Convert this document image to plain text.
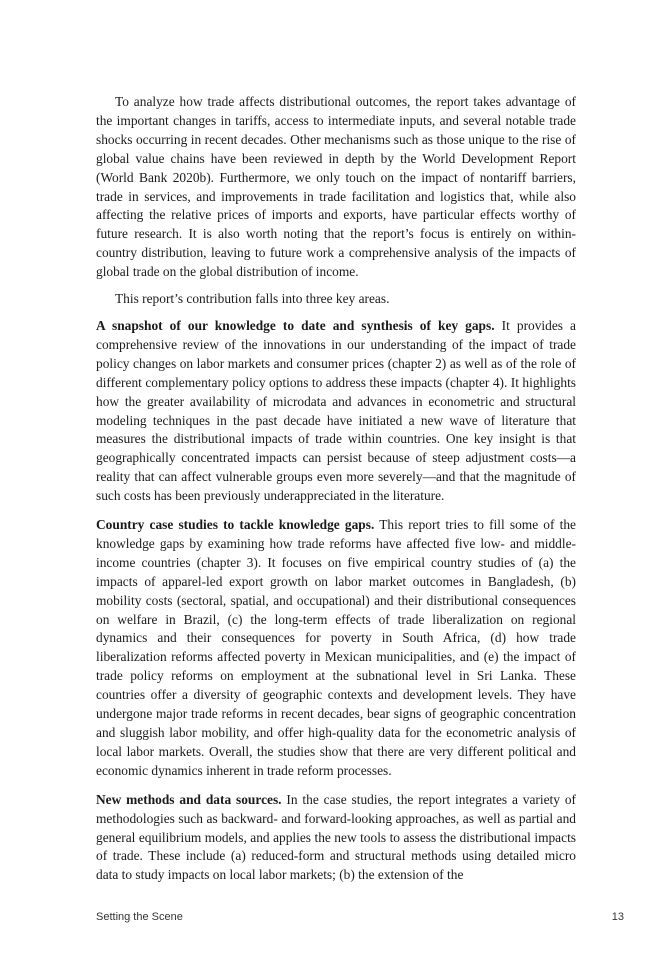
To analyze how trade affects distributional outcomes, the report takes advantage of the important changes in tariffs, access to intermediate inputs, and several notable trade shocks occurring in recent decades. Other mechanisms such as those unique to the rise of global value chains have been reviewed in depth by the World Development Report (World Bank 2020b). Furthermore, we only touch on the impact of nontariff barriers, trade in services, and improvements in trade facilitation and logistics that, while also affecting the relative prices of imports and exports, have particular effects worthy of future research. It is also worth noting that the report’s focus is entirely on within-country distribution, leaving to future work a comprehensive analysis of the impacts of global trade on the global distribution of income.

This report’s contribution falls into three key areas.

A snapshot of our knowledge to date and synthesis of key gaps. It provides a comprehensive review of the innovations in our understanding of the impact of trade policy changes on labor markets and consumer prices (chapter 2) as well as of the role of different complementary policy options to address these impacts (chapter 4). It highlights how the greater availability of microdata and advances in econometric and structural modeling techniques in the past decade have initiated a new wave of literature that measures the distributional impacts of trade within countries. One key insight is that geographically concentrated impacts can persist because of steep adjustment costs—a reality that can affect vulnerable groups even more severely—and that the magnitude of such costs has been previously underappreciated in the literature.

Country case studies to tackle knowledge gaps. This report tries to fill some of the knowledge gaps by examining how trade reforms have affected five low- and middle-income countries (chapter 3). It focuses on five empirical country studies of (a) the impacts of apparel-led export growth on labor market outcomes in Bangladesh, (b) mobility costs (sectoral, spatial, and occupational) and their distributional consequences on welfare in Brazil, (c) the long-term effects of trade liberalization on regional dynamics and their consequences for poverty in South Africa, (d) how trade liberalization reforms affected poverty in Mexican municipalities, and (e) the impact of trade policy reforms on employment at the subnational level in Sri Lanka. These countries offer a diversity of geographic contexts and development levels. They have undergone major trade reforms in recent decades, bear signs of geographic concentration and sluggish labor mobility, and offer high-quality data for the econometric analysis of local labor markets. Overall, the studies show that there are very different political and economic dynamics inherent in trade reform processes.

New methods and data sources. In the case studies, the report integrates a variety of methodologies such as backward- and forward-looking approaches, as well as partial and general equilibrium models, and applies the new tools to assess the distributional impacts of trade. These include (a) reduced-form and structural methods using detailed micro data to study impacts on local labor markets; (b) the extension of the

Setting the Scene	13
